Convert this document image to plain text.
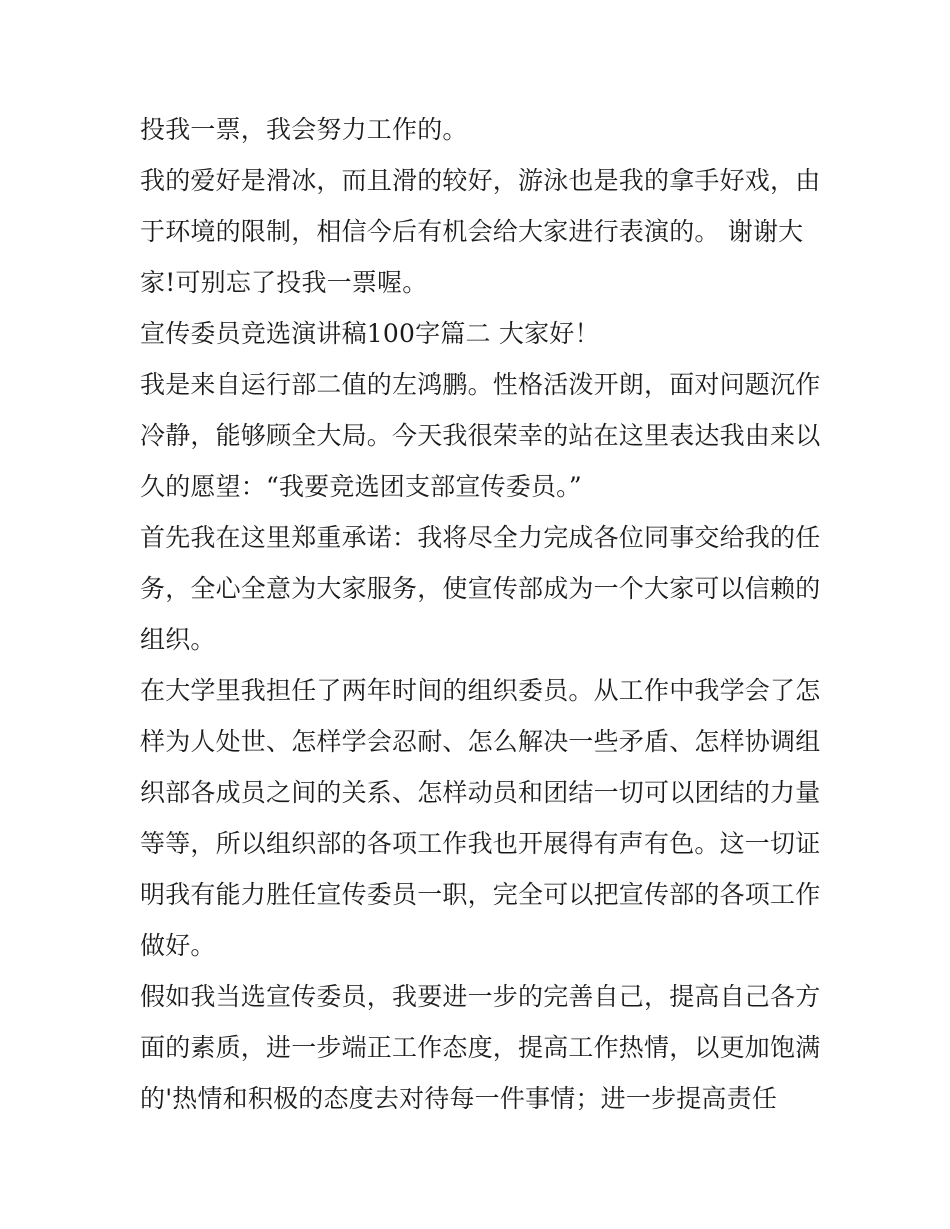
投我一票，我会努力工作的。
我的爱好是滑冰，而且滑的较好，游泳也是我的拿手好戏，由
于环境的限制，相信今后有机会给大家进行表演的。 谢谢大
家!可别忘了投我一票喔。
宣传委员竞选演讲稿100字篇二 大家好！
我是来自运行部二值的左鸿鹏。性格活泼开朗，面对问题沉作
冷静，能够顾全大局。今天我很荣幸的站在这里表达我由来以
久的愿望：“我要竞选团支部宣传委员。”
首先我在这里郑重承诺：我将尽全力完成各位同事交给我的任
务，全心全意为大家服务，使宣传部成为一个大家可以信赖的
组织。
在大学里我担任了两年时间的组织委员。从工作中我学会了怎
样为人处世、怎样学会忍耐、怎么解决一些矛盾、怎样协调组
织部各成员之间的关系、怎样动员和团结一切可以团结的力量
等等，所以组织部的各项工作我也开展得有声有色。这一切证
明我有能力胜任宣传委员一职，完全可以把宣传部的各项工作
做好。
假如我当选宣传委员，我要进一步的完善自己，提高自己各方
面的素质，进一步端正工作态度，提高工作热情，以更加饱满
的'热情和积极的态度去对待每一件事情；进一步提高责任
